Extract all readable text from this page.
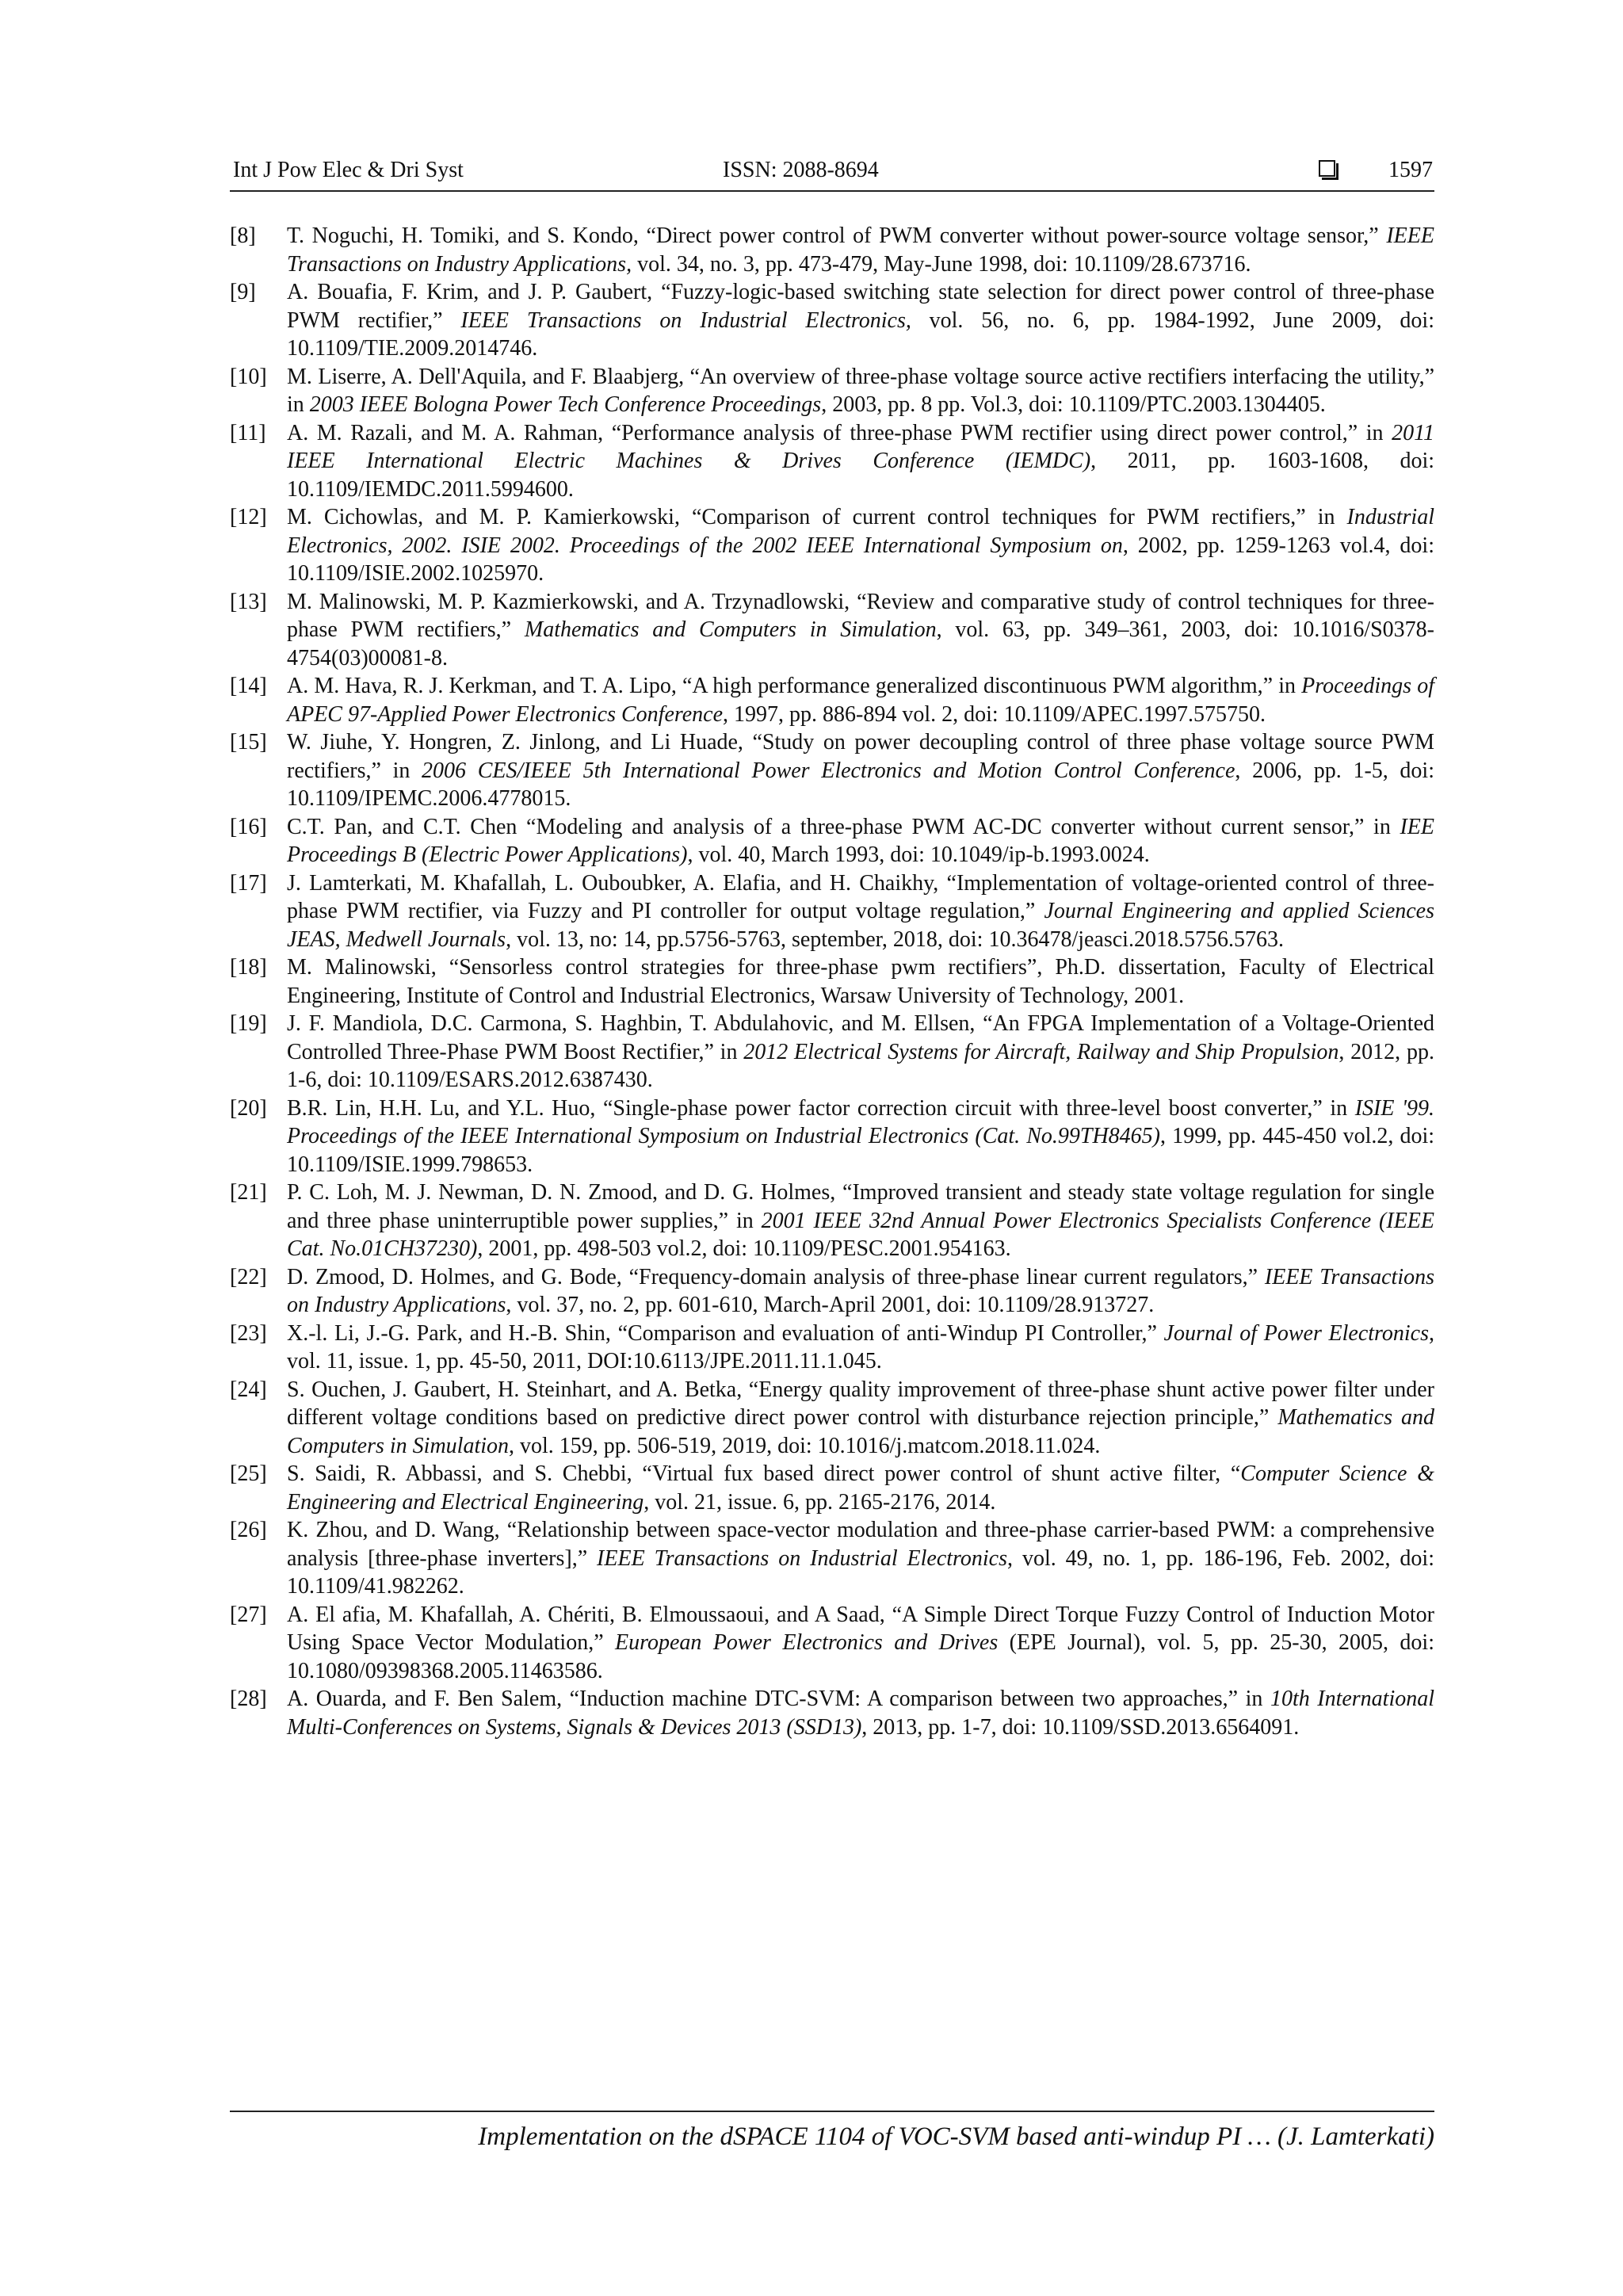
Int J Pow Elec & Dri Syst	ISSN: 2088-8694	1597
[8]	T. Noguchi, H. Tomiki, and S. Kondo, “Direct power control of PWM converter without power-source voltage sensor,” IEEE Transactions on Industry Applications, vol. 34, no. 3, pp. 473-479, May-June 1998, doi: 10.1109/28.673716.
[9]	A. Bouafia, F. Krim, and J. P. Gaubert, “Fuzzy-logic-based switching state selection for direct power control of three-phase PWM rectifier,” IEEE Transactions on Industrial Electronics, vol. 56, no. 6, pp. 1984-1992, June 2009, doi: 10.1109/TIE.2009.2014746.
[10] M. Liserre, A. Dell'Aquila, and F. Blaabjerg, “An overview of three-phase voltage source active rectifiers interfacing the utility,” in 2003 IEEE Bologna Power Tech Conference Proceedings, 2003, pp. 8 pp. Vol.3, doi: 10.1109/PTC.2003.1304405.
[11] A. M. Razali, and M. A. Rahman, “Performance analysis of three-phase PWM rectifier using direct power control,” in 2011 IEEE International Electric Machines & Drives Conference (IEMDC), 2011, pp. 1603-1608, doi: 10.1109/IEMDC.2011.5994600.
[12] M. Cichowlas, and M. P. Kamierkowski, “Comparison of current control techniques for PWM rectifiers,” in Industrial Electronics, 2002. ISIE 2002. Proceedings of the 2002 IEEE International Symposium on, 2002, pp. 1259-1263 vol.4, doi: 10.1109/ISIE.2002.1025970.
[13] M. Malinowski, M. P. Kazmierkowski, and A. Trzynadlowski, “Review and comparative study of control techniques for three-phase PWM rectifiers,” Mathematics and Computers in Simulation, vol. 63, pp. 349–361, 2003, doi: 10.1016/S0378-4754(03)00081-8.
[14] A. M. Hava, R. J. Kerkman, and T. A. Lipo, “A high performance generalized discontinuous PWM algorithm,” in Proceedings of APEC 97-Applied Power Electronics Conference, 1997, pp. 886-894 vol. 2, doi: 10.1109/APEC.1997.575750.
[15] W. Jiuhe, Y. Hongren, Z. Jinlong, and Li Huade, “Study on power decoupling control of three phase voltage source PWM rectifiers,” in 2006 CES/IEEE 5th International Power Electronics and Motion Control Conference, 2006, pp. 1-5, doi: 10.1109/IPEMC.2006.4778015.
[16] C.T. Pan, and C.T. Chen “Modeling and analysis of a three-phase PWM AC-DC converter without current sensor,” in IEE Proceedings B (Electric Power Applications), vol. 40, March 1993, doi: 10.1049/ip-b.1993.0024.
[17] J. Lamterkati, M. Khafallah, L. Ouboubker, A. Elafia, and H. Chaikhy, “Implementation of voltage-oriented control of three-phase PWM rectifier, via Fuzzy and PI controller for output voltage regulation,” Journal Engineering and applied Sciences JEAS, Medwell Journals, vol. 13, no: 14, pp.5756-5763, september, 2018, doi: 10.36478/jeasci.2018.5756.5763.
[18] M. Malinowski, “Sensorless control strategies for three-phase pwm rectifiers”, Ph.D. dissertation, Faculty of Electrical Engineering, Institute of Control and Industrial Electronics, Warsaw University of Technology, 2001.
[19] J. F. Mandiola, D.C. Carmona, S. Haghbin, T. Abdulahovic, and M. Ellsen, “An FPGA Implementation of a Voltage-Oriented Controlled Three-Phase PWM Boost Rectifier,” in 2012 Electrical Systems for Aircraft, Railway and Ship Propulsion, 2012, pp. 1-6, doi: 10.1109/ESARS.2012.6387430.
[20] B.R. Lin, H.H. Lu, and Y.L. Huo, “Single-phase power factor correction circuit with three-level boost converter,” in ISIE '99. Proceedings of the IEEE International Symposium on Industrial Electronics (Cat. No.99TH8465), 1999, pp. 445-450 vol.2, doi: 10.1109/ISIE.1999.798653.
[21] P. C. Loh, M. J. Newman, D. N. Zmood, and D. G. Holmes, “Improved transient and steady state voltage regulation for single and three phase uninterruptible power supplies,” in 2001 IEEE 32nd Annual Power Electronics Specialists Conference (IEEE Cat. No.01CH37230), 2001, pp. 498-503 vol.2, doi: 10.1109/PESC.2001.954163.
[22] D. Zmood, D. Holmes, and G. Bode, “Frequency-domain analysis of three-phase linear current regulators,” IEEE Transactions on Industry Applications, vol. 37, no. 2, pp. 601-610, March-April 2001, doi: 10.1109/28.913727.
[23] X.-l. Li, J.-G. Park, and H.-B. Shin, “Comparison and evaluation of anti-Windup PI Controller,” Journal of Power Electronics, vol. 11, issue. 1, pp. 45-50, 2011, DOI:10.6113/JPE.2011.11.1.045.
[24] S. Ouchen, J. Gaubert, H. Steinhart, and A. Betka, “Energy quality improvement of three-phase shunt active power filter under different voltage conditions based on predictive direct power control with disturbance rejection principle,” Mathematics and Computers in Simulation, vol. 159, pp. 506-519, 2019, doi: 10.1016/j.matcom.2018.11.024.
[25] S. Saidi, R. Abbassi, and S. Chebbi, “Virtual fux based direct power control of shunt active filter, “Computer Science & Engineering and Electrical Engineering, vol. 21, issue. 6, pp. 2165-2176, 2014.
[26] K. Zhou, and D. Wang, “Relationship between space-vector modulation and three-phase carrier-based PWM: a comprehensive analysis [three-phase inverters],” IEEE Transactions on Industrial Electronics, vol. 49, no. 1, pp. 186-196, Feb. 2002, doi: 10.1109/41.982262.
[27] A. El afia, M. Khafallah, A. Chériti, B. Elmoussaoui, and A Saad, “A Simple Direct Torque Fuzzy Control of Induction Motor Using Space Vector Modulation,” European Power Electronics and Drives (EPE Journal), vol. 5, pp. 25-30, 2005, doi: 10.1080/09398368.2005.11463586.
[28] A. Ouarda, and F. Ben Salem, “Induction machine DTC-SVM: A comparison between two approaches,” in 10th International Multi-Conferences on Systems, Signals & Devices 2013 (SSD13), 2013, pp. 1-7, doi: 10.1109/SSD.2013.6564091.
Implementation on the dSPACE 1104 of VOC-SVM based anti-windup PI … (J. Lamterkati)
